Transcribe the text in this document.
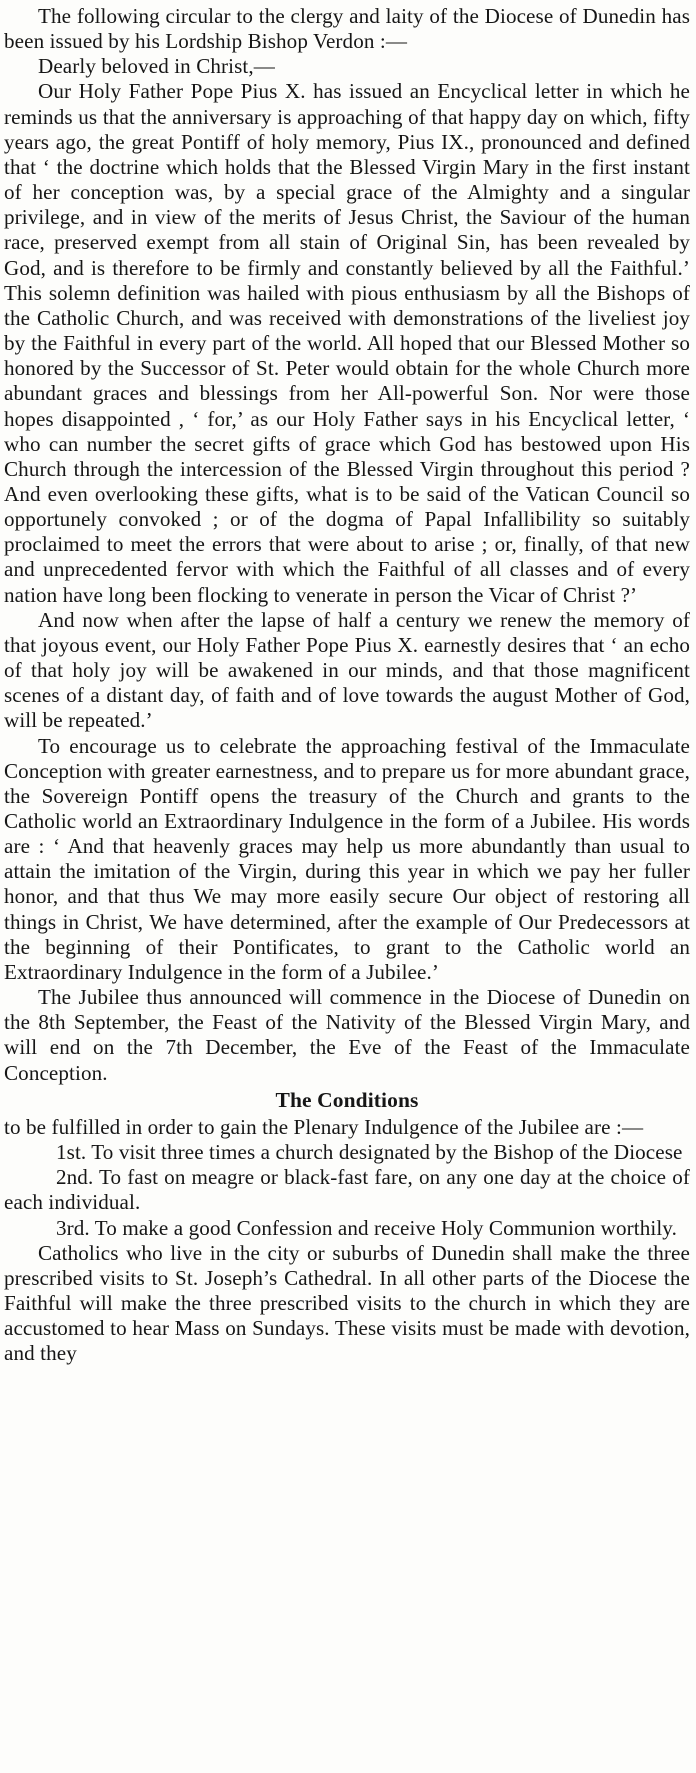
The following circular to the clergy and laity of the Diocese of Dunedin has been issued by his Lordship Bishop Verdon :—

Dearly beloved in Christ,—

Our Holy Father Pope Pius X. has issued an Encyclical letter in which he reminds us that the anniversary is approaching of that happy day on which, fifty years ago, the great Pontiff of holy memory, Pius IX., pronounced and defined that ‘ the doctrine which holds that the Blessed Virgin Mary in the first instant of her conception was, by a special grace of the Almighty and a singular privilege, and in view of the merits of Jesus Christ, the Saviour of the human race, preserved exempt from all stain of Original Sin, has been revealed by God, and is therefore to be firmly and constantly believed by all the Faithful.’ This solemn definition was hailed with pious enthusiasm by all the Bishops of the Catholic Church, and was received with demonstrations of the liveliest joy by the Faithful in every part of the world. All hoped that our Blessed Mother so honored by the Successor of St. Peter would obtain for the whole Church more abundant graces and blessings from her All-powerful Son. Nor were those hopes disappointed , ‘ for,’ as our Holy Father says in his Encyclical letter, ‘ who can number the secret gifts of grace which God has bestowed upon His Church through the intercession of the Blessed Virgin throughout this period ? And even overlooking these gifts, what is to be said of the Vatican Council so opportunely convoked ; or of the dogma of Papal Infallibility so suitably proclaimed to meet the errors that were about to arise ; or, finally, of that new and unprecedented fervor with which the Faithful of all classes and of every nation have long been flocking to venerate in person the Vicar of Christ ?’

And now when after the lapse of half a century we renew the memory of that joyous event, our Holy Father Pope Pius X. earnestly desires that ‘ an echo of that holy joy will be awakened in our minds, and that those magnificent scenes of a distant day, of faith and of love towards the august Mother of God, will be repeated.’

To encourage us to celebrate the approaching festival of the Immaculate Conception with greater earnestness, and to prepare us for more abundant grace, the Sovereign Pontiff opens the treasury of the Church and grants to the Catholic world an Extraordinary Indulgence in the form of a Jubilee. His words are : ‘ And that heavenly graces may help us more abundantly than usual to attain the imitation of the Virgin, during this year in which we pay her fuller honor, and that thus We may more easily secure Our object of restoring all things in Christ, We have determined, after the example of Our Predecessors at the beginning of their Pontificates, to grant to the Catholic world an Extraordinary Indulgence in the form of a Jubilee.’

The Jubilee thus announced will commence in the Diocese of Dunedin on the 8th September, the Feast of the Nativity of the Blessed Virgin Mary, and will end on the 7th December, the Eve of the Feast of the Immaculate Conception.

The Conditions

to be fulfilled in order to gain the Plenary Indulgence of the Jubilee are :—

1st. To visit three times a church designated by the Bishop of the Diocese

2nd. To fast on meagre or black-fast fare, on any one day at the choice of each individual.

3rd. To make a good Confession and receive Holy Communion worthily.

Catholics who live in the city or suburbs of Dunedin shall make the three prescribed visits to St. Joseph’s Cathedral. In all other parts of the Diocese the Faithful will make the three prescribed visits to the church in which they are accustomed to hear Mass on Sundays. These visits must be made with devotion, and they
